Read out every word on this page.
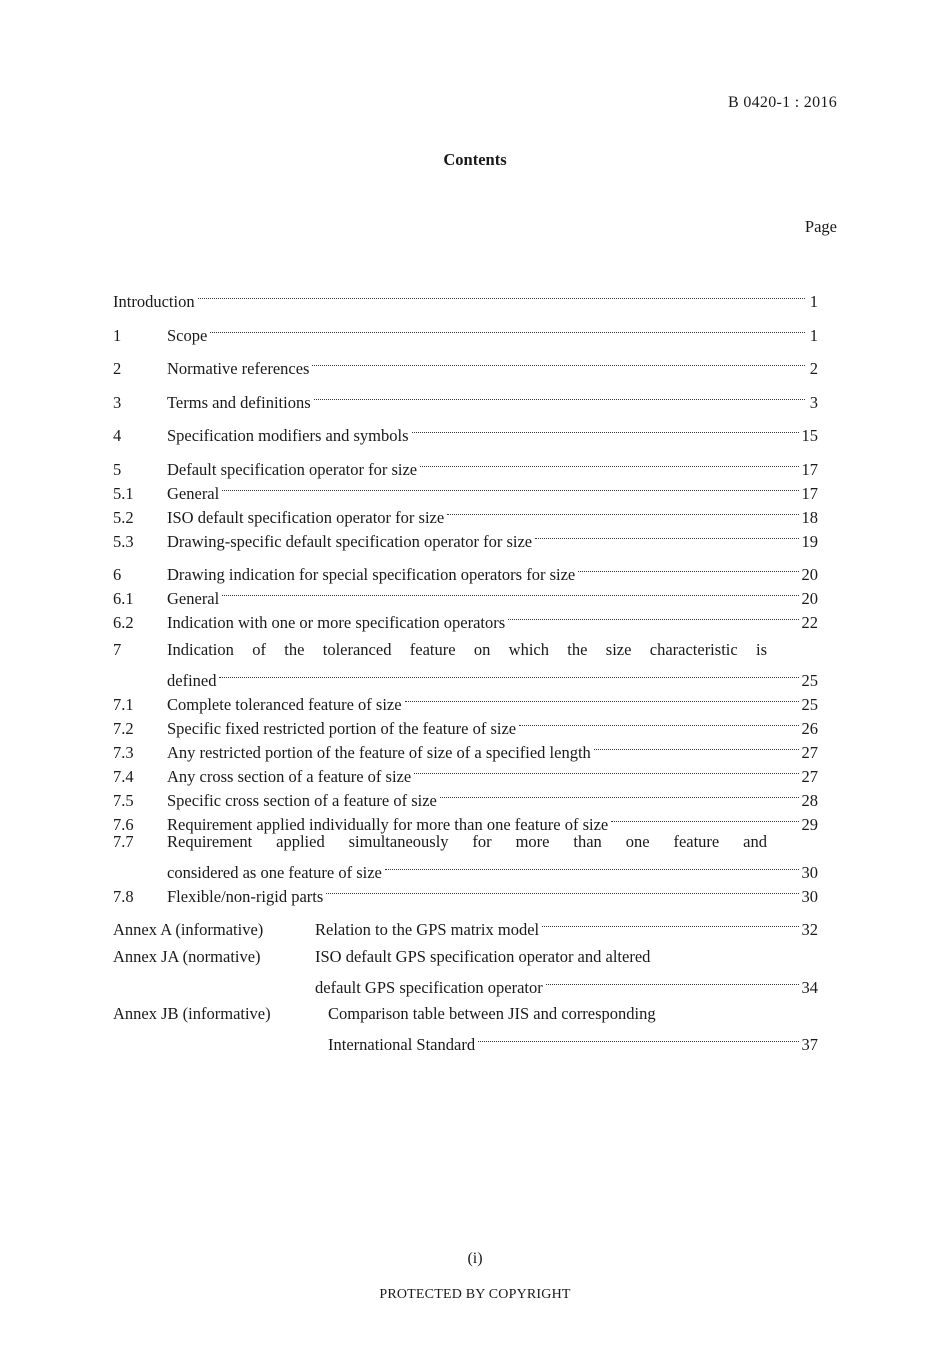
B 0420-1 : 2016
Contents
Page
Introduction	1
1	Scope	1
2	Normative references	2
3	Terms and definitions	3
4	Specification modifiers and symbols	15
5	Default specification operator for size	17
5.1	General	17
5.2	ISO default specification operator for size	18
5.3	Drawing-specific default specification operator for size	19
6	Drawing indication for special specification operators for size	20
6.1	General	20
6.2	Indication with one or more specification operators	22
7	Indication of the toleranced feature on which the size characteristic is
defined	25
7.1	Complete toleranced feature of size	25
7.2	Specific fixed restricted portion of the feature of size	26
7.3	Any restricted portion of the feature of size of a specified length	27
7.4	Any cross section of a feature of size	27
7.5	Specific cross section of a feature of size	28
7.6	Requirement applied individually for more than one feature of size	29
7.7	Requirement applied simultaneously for more than one feature and
considered as one feature of size	30
7.8	Flexible/non-rigid parts	30
Annex A (informative)	Relation to the GPS matrix model	32
Annex JA (normative)	ISO default GPS specification operator and altered
default GPS specification operator	34
Annex JB (informative)	Comparison table between JIS and corresponding
International Standard	37
(i)
PROTECTED BY COPYRIGHT
